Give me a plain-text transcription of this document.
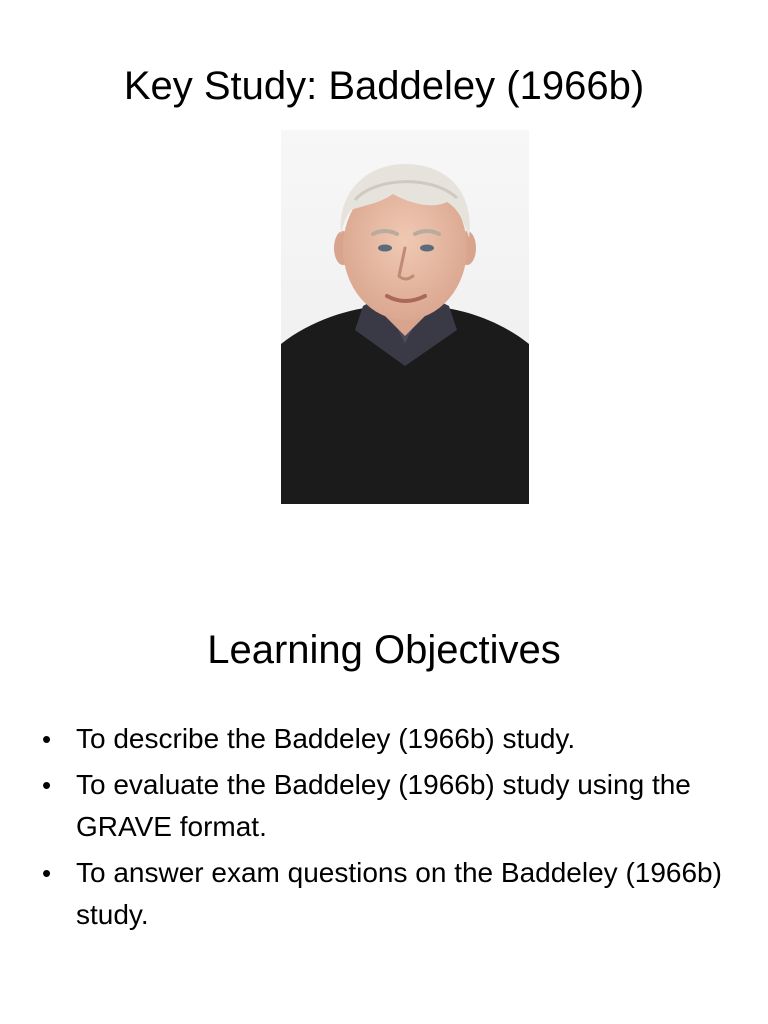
Key Study: Baddeley (1966b)
Learning Objectives
• To describe the Baddeley (1966b) study.
• To evaluate the Baddeley (1966b) study using the GRAVE format.
• To answer exam questions on the Baddeley (1966b) study.
